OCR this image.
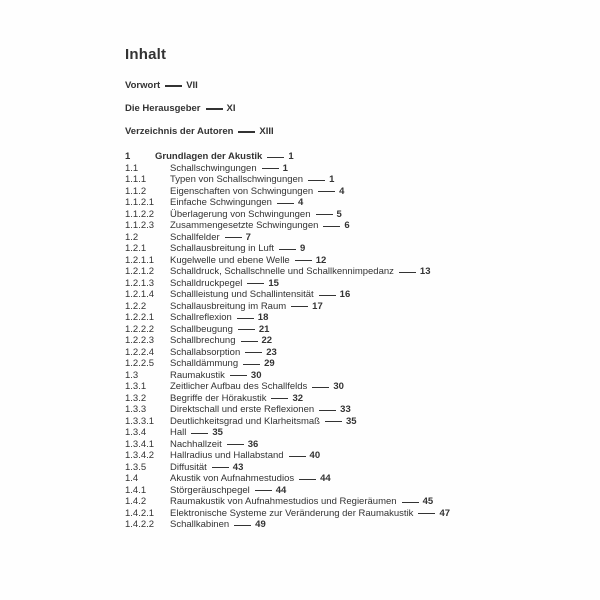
Inhalt
Vorwort	VII
Die Herausgeber	XI
Verzeichnis der Autoren	XIII
1	Grundlagen der Akustik	1
1.1	Schallschwingungen	1
1.1.1	Typen von Schallschwingungen	1
1.1.2	Eigenschaften von Schwingungen	4
1.1.2.1	Einfache Schwingungen	4
1.1.2.2	Überlagerung von Schwingungen	5
1.1.2.3	Zusammengesetzte Schwingungen	6
1.2	Schallfelder	7
1.2.1	Schallausbreitung in Luft	9
1.2.1.1	Kugelwelle und ebene Welle	12
1.2.1.2	Schalldruck, Schallschnelle und Schallkennimpedanz	13
1.2.1.3	Schalldruckpegel	15
1.2.1.4	Schallleistung und Schallintensität	16
1.2.2	Schallausbreitung im Raum	17
1.2.2.1	Schallreflexion	18
1.2.2.2	Schallbeugung	21
1.2.2.3	Schallbrechung	22
1.2.2.4	Schallabsorption	23
1.2.2.5	Schalldämmung	29
1.3	Raumakustik	30
1.3.1	Zeitlicher Aufbau des Schallfelds	30
1.3.2	Begriffe der Hörakustik	32
1.3.3	Direktschall und erste Reflexionen	33
1.3.3.1	Deutlichkeitsgrad und Klarheitsmaß	35
1.3.4	Hall	35
1.3.4.1	Nachhallzeit	36
1.3.4.2	Hallradius und Hallabstand	40
1.3.5	Diffusität	43
1.4	Akustik von Aufnahmestudios	44
1.4.1	Störgeräuschpegel	44
1.4.2	Raumakustik von Aufnahmestudios und Regieräumen	45
1.4.2.1	Elektronische Systeme zur Veränderung der Raumakustik	47
1.4.2.2	Schallkabinen	49
